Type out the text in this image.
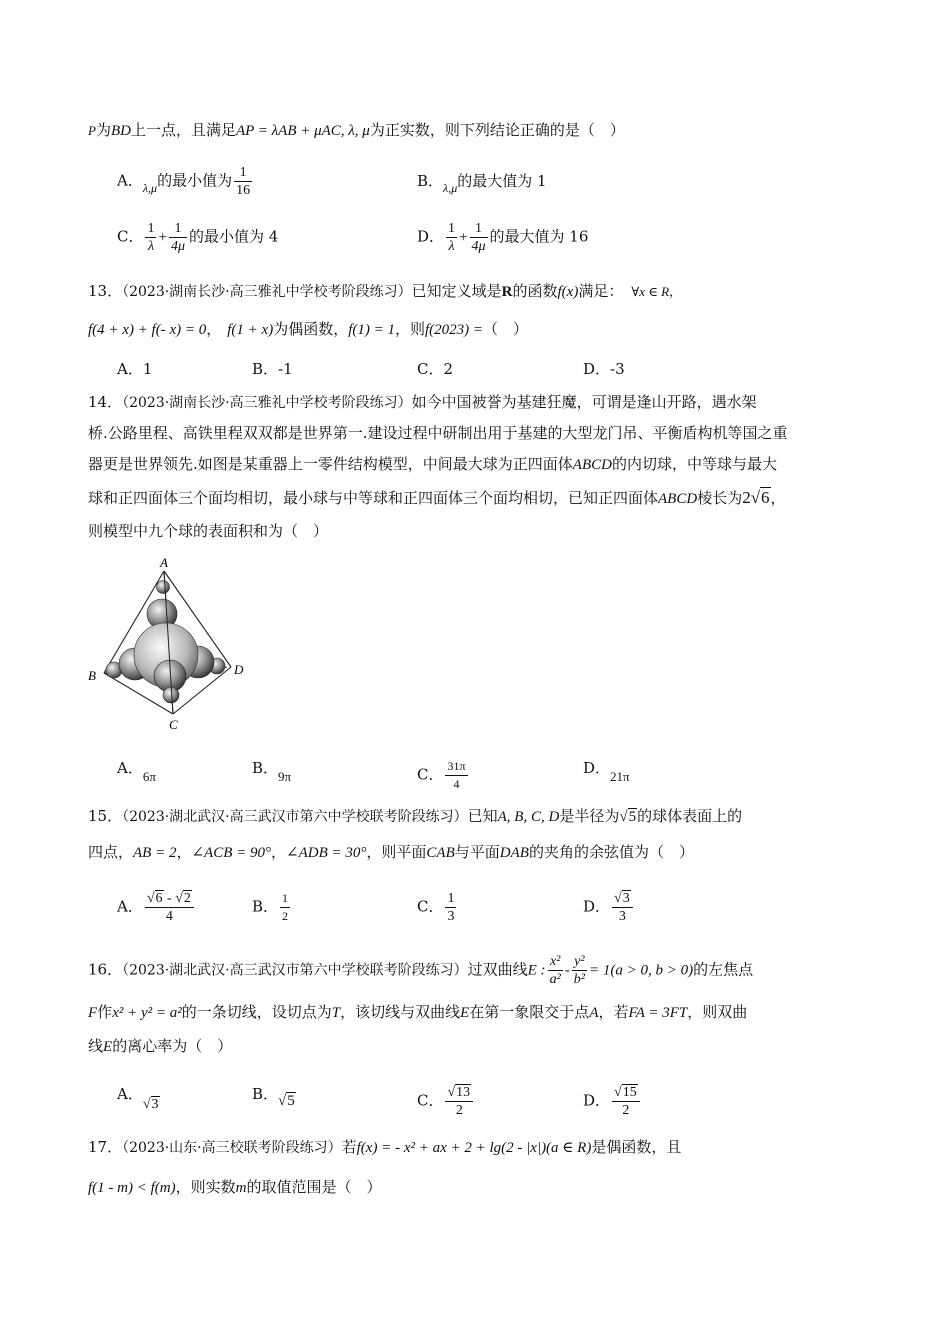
P为BD上一点，且满足AP = λAB + μAC, λ, μ为正实数，则下列结论正确的是（　）
A．$_{\lambda,\mu}$的最小值为 $\frac{1}{16}$	B．$_{\lambda,\mu}$的最大值为 1
C． $\frac{1}{\lambda} + \frac{1}{4\mu}$ 的最小值为 4	D． $\frac{1}{\lambda} + \frac{1}{4\mu}$ 的最大值为 16
13．（2023·湖南长沙·高三雅礼中学校考阶段练习）已知定义域是R的函数f(x)满足： ∀x ∈ R，
f(4 + x) + f(- x) = 0， f(1 + x)为偶函数，f(1) = 1，则f(2023) =（　）
A．1	B．-1	C．2	D．-3
14．（2023·湖南长沙·高三雅礼中学校考阶段练习）如今中国被誉为基建狂魔，可谓是逢山开路，遇水架
桥.公路里程、高铁里程双双都是世界第一.建设过程中研制出用于基建的大型龙门吊、平衡盾构机等国之重
器更是世界领先.如图是某重器上一零件结构模型，中间最大球为正四面体ABCD的内切球，中等球与最大
球和正四面体三个面均相切，最小球与中等球和正四面体三个面均相切，已知正四面体ABCD棱长为2√6，
则模型中九个球的表面积和为（　）
A
B
C
D
A．6π	B．9π	C． $\frac{31\pi}{4}$	D．21π
15．（2023·湖北武汉·高三武汉市第六中学校联考阶段练习）已知A, B, C, D是半径为√5的球体表面上的
四点，AB = 2，∠ACB = 90°，∠ADB = 30°，则平面CAB与平面DAB的夹角的余弦值为（　）
A． $\frac{√6 - √2}{4}$	B． $\frac{1}{2}$	C． $\frac{1}{3}$	D． $\frac{√3}{3}$
16．（2023·湖北武汉·高三武汉市第六中学校联考阶段练习）过双曲线E : $\frac{\text{x²}}{\text{a²}} - \frac{\text{y²}}{\text{b²}} = 1(a > 0$, b > 0)的左焦点
F作x² + y² = a²的一条切线，设切点为T，该切线与双曲线E在第一象限交于点A，若FA = 3FT，则双曲
线E的离心率为（　）
A．√3
B．√5	C． $\frac{√13}{2}$	D． $\frac{√15}{2}$
17．（2023·山东·高三校联考阶段练习）若f(x) = - x² + ax + 2 + lg(2 - |x|)(a ∈ R)是偶函数，且
f(1 - m) < f(m)，则实数m的取值范围是（　）
